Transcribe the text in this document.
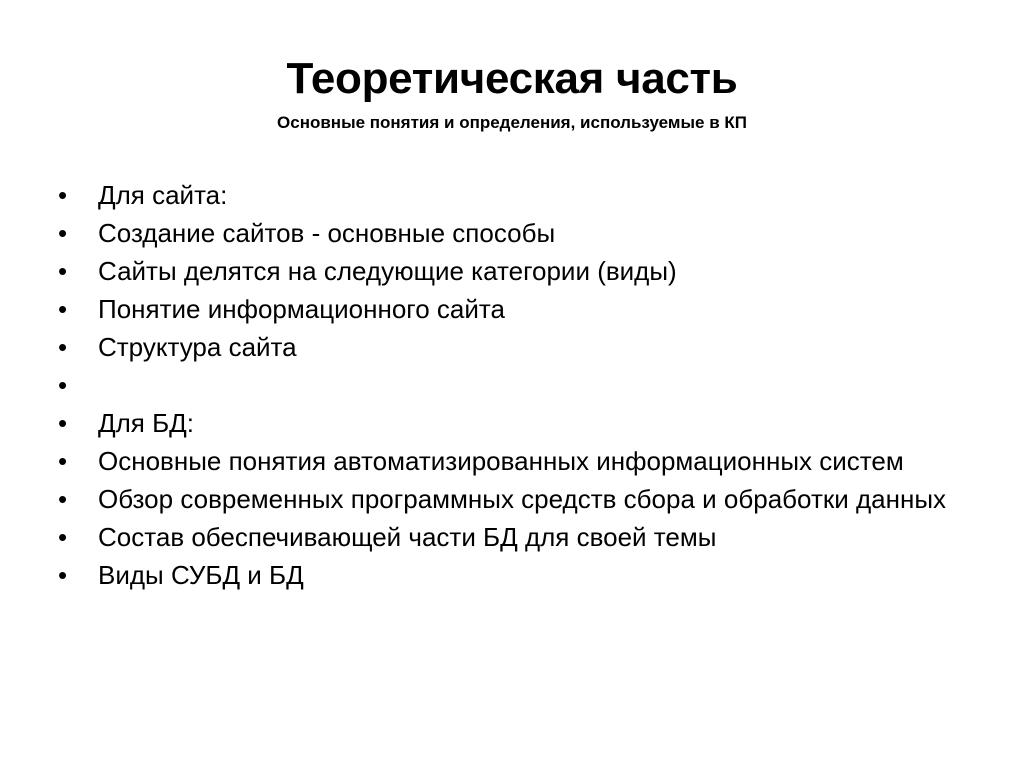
Теоретическая часть
Основные понятия и определения, используемые в КП
• Для сайта:
• Создание сайтов - основные способы
• Сайты делятся на следующие категории (виды)
• Понятие информационного сайта
• Структура сайта
•

• Для БД:
• Основные понятия автоматизированных информационных систем
• Обзор современных программных средств сбора и обработки данных
• Состав обеспечивающей части БД для своей темы
• Виды СУБД и БД
